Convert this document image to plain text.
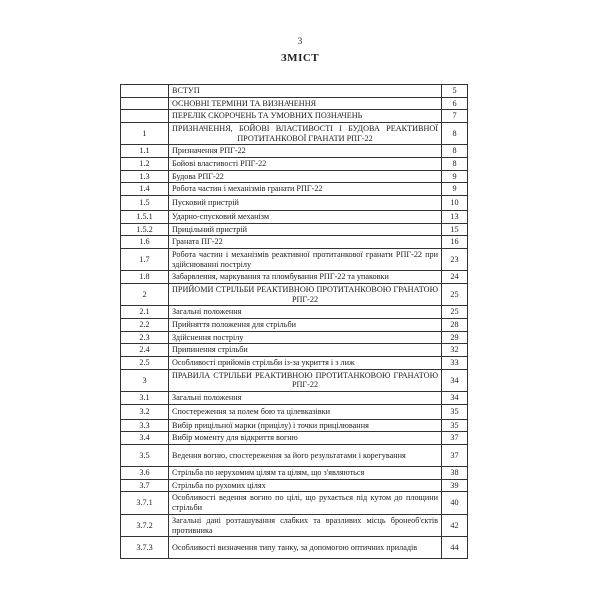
3
ЗМІСТ
	ВСТУП	5
	ОСНОВНІ ТЕРМІНИ ТА ВИЗНАЧЕННЯ	6
	ПЕРЕЛІК СКОРОЧЕНЬ ТА УМОВНИХ ПОЗНАЧЕНЬ	7
1	ПРИЗНАЧЕННЯ, БОЙОВІ ВЛАСТИВОСТІ І БУДОВА РЕАКТИВНОЇ ПРОТИТАНКОВОЇ ГРАНАТИ РПГ-22	8
1.1	Призначення РПГ-22	8
1.2	Бойові властивості РПГ-22	8
1.3	Будова РПГ-22	9
1.4	Робота частин і механізмів гранати РПГ-22	9
1.5	Пусковий пристрій	10
1.5.1	Ударно-спусковий механізм	13
1.5.2	Прицільний пристрій	15
1.6	Граната ПГ-22	16
1.7	Робота частин і механізмів реактивної протитанкової гранати РПГ-22 при здійснюванні пострілу	23
1.8	Забарвлення, маркування та пломбування РПГ-22 та упаковки	24
2	ПРИЙОМИ СТРІЛЬБИ РЕАКТИВНОЮ ПРОТИТАНКОВОЮ ГРАНАТОЮ РПГ-22	25
2.1	Загальні положення	25
2.2	Прийняття положення для стрільби	28
2.3	Здійснення пострілу	29
2.4	Припинення стрільби	32
2.5	Особливості прийомів стрільби із-за укриття і з лиж	33
3	ПРАВИЛА СТРІЛЬБИ РЕАКТИВНОЮ ПРОТИТАНКОВОЮ ГРАНАТОЮ РПГ-22	34
3.1	Загальні положення	34
3.2	Спостереження за полем бою та цілевказівки	35
3.3	Вибір прицільної марки (прицілу) і точки прицілювання	35
3.4	Вибір моменту для відкриття вогню	37
3.5	Ведення вогню, спостереження за його результатами і корегування	37
3.6	Стрільба по нерухомим цілям та цілям, що з'являються	38
3.7	Стрільба по рухомих цілях	39
3.7.1	Особливості ведення вогню по цілі, що рухається під кутом до площини стрільби	40
3.7.2	Загальні дані розташування слабких та вразливих місць бронеоб'єктів противника	42
3.7.3	Особливості визначення типу танку, за допомогою оптичних приладів	44
